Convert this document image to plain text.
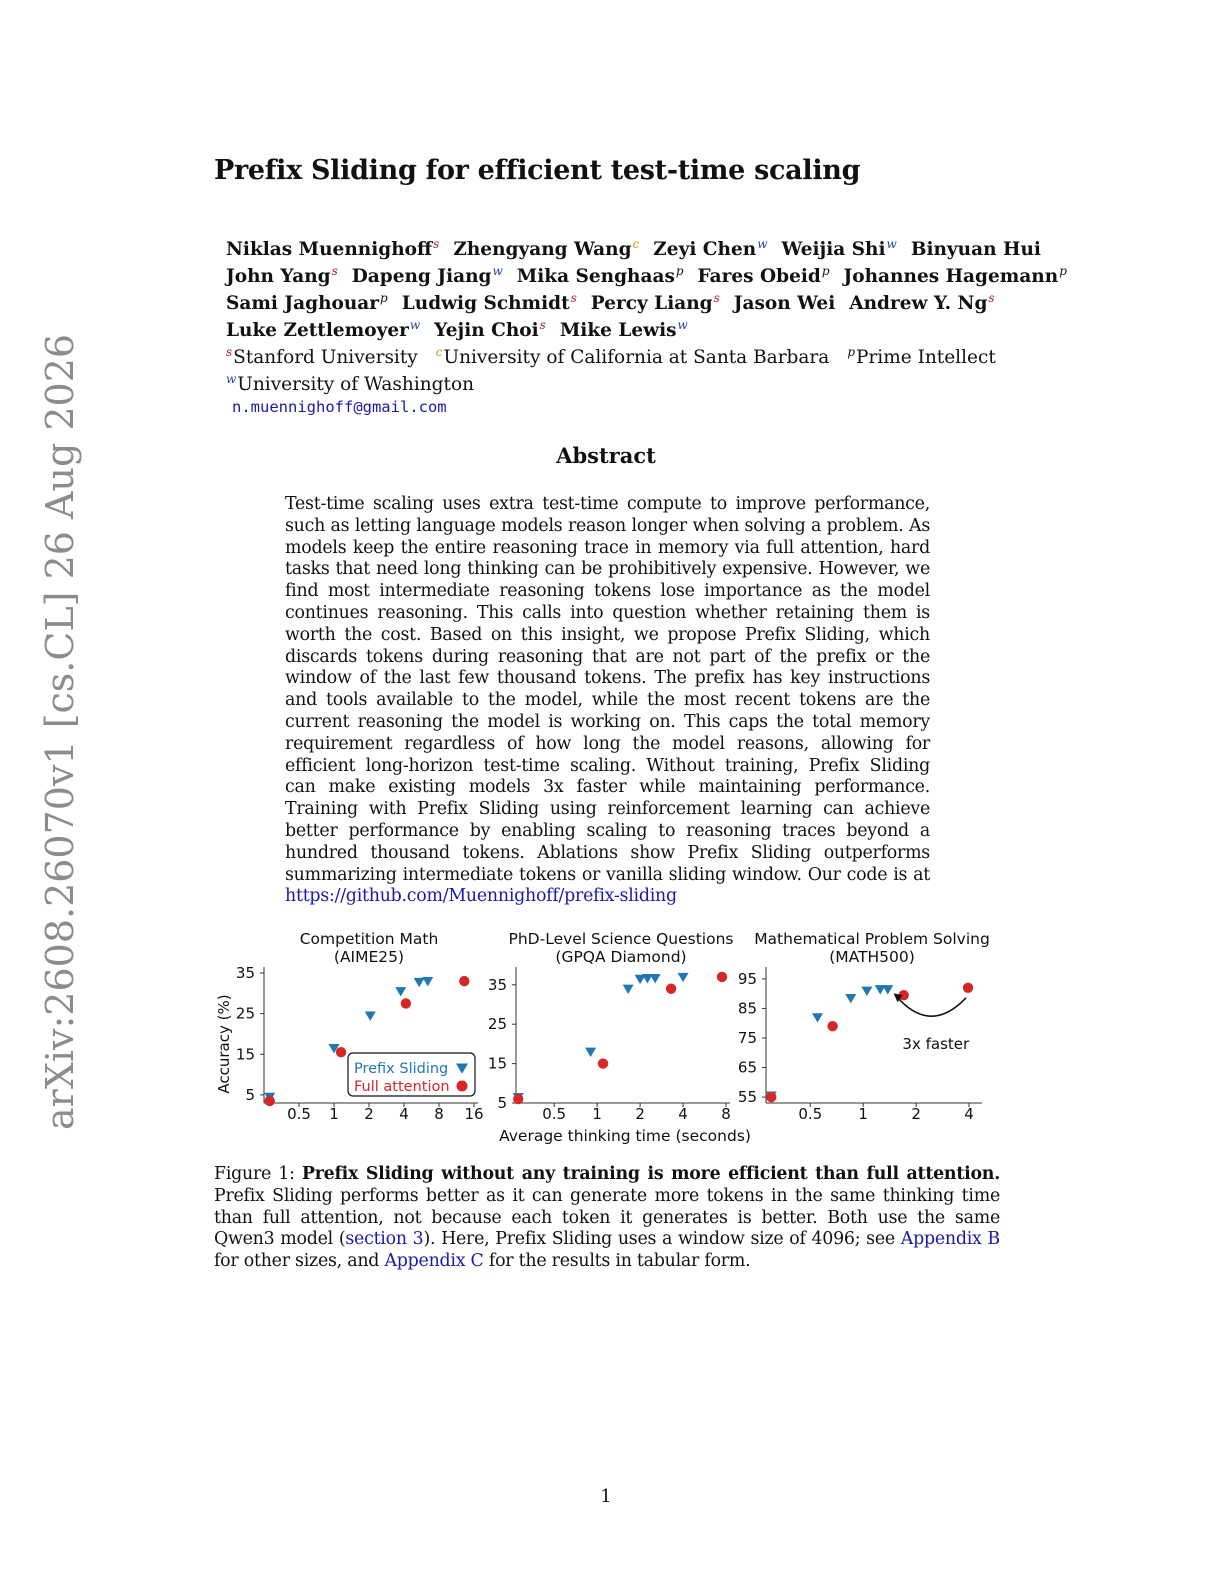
arXiv:2608.26070v1 [cs.CL] 26 Aug 2026
Prefix Sliding for efficient test-time scaling
Niklas Muennighoff$^s$ Zhengyang Wang$^c$ Zeyi Chen$^w$ Weijia Shi$^w$ Binyuan Hui
John Yang$^s$ Dapeng Jiang$^w$ Mika Senghaas$^p$ Fares Obeid$^p$ Johannes Hagemann$^p$
Sami Jaghouar$^p$ Ludwig Schmidt$^s$ Percy Liang$^s$ Jason Wei Andrew Y. Ng$^s$
Luke Zettlemoyer$^w$ Yejin Choi$^s$ Mike Lewis$^w$
$^s$Stanford University $^c$University of California at Santa Barbara $^p$Prime Intellect
$^w$University of Washington
n.muennighoff@gmail.com
Abstract
Test-time scaling uses extra test-time compute to improve performance, such as letting language models reason longer when solving a problem. As models keep the entire reasoning trace in memory via full attention, hard tasks that need long thinking can be prohibitively expensive. However, we find most intermediate reasoning tokens lose importance as the model continues reasoning. This calls into question whether retaining them is worth the cost. Based on this insight, we propose Prefix Sliding, which discards tokens during reasoning that are not part of the prefix or the window of the last few thousand tokens. The prefix has key instructions and tools available to the model, while the most recent tokens are the current reasoning the model is working on. This caps the total memory requirement regardless of how long the model reasons, allowing for efficient long-horizon test-time scaling. Without training, Prefix Sliding can make existing models 3x faster while maintaining performance. Training with Prefix Sliding using reinforcement learning can achieve better performance by enabling scaling to reasoning traces beyond a hundred thousand tokens. Ablations show Prefix Sliding outperforms summarizing intermediate tokens or vanilla sliding window. Our code is at https://github.com/Muennighoff/prefix-sliding
Competition Math
(AIME25)
5
15
25
35
0.5 1 2 4 8 16
Accuracy (%)	Prefix Sliding
Full attention
PhD-Level Science Questions
(GPQA Diamond)
5
15
25
35
0.5 1 2 4 8
Mathematical Problem Solving
(MATH500)
55
65
75
85
95
0.5 1	2	4
3x faster
Average thinking time (seconds)
Figure 1: Prefix Sliding without any training is more efficient than full attention. Prefix Sliding performs better as it can generate more tokens in the same thinking time than full attention, not because each token it generates is better. Both use the same Qwen3 model (section 3). Here, Prefix Sliding uses a window size of 4096; see Appendix B for other sizes, and Appendix C for the results in tabular form.
1
